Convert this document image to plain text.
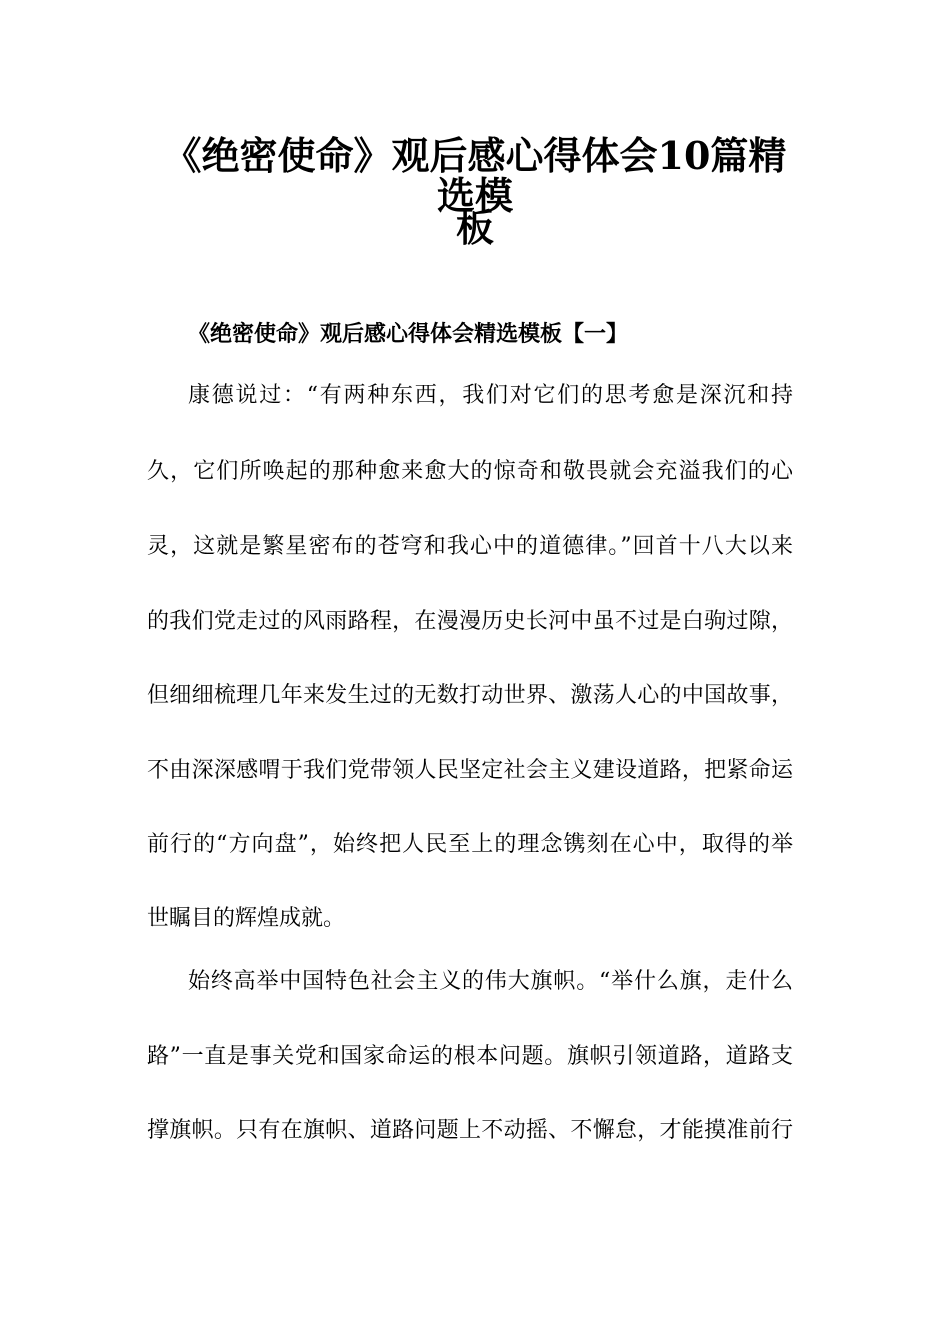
《绝密使命》观后感心得体会10篇精选模
板
《绝密使命》观后感心得体会精选模板【一】
康德说过：“有两种东西，我们对它们的思考愈是深沉和持
久，它们所唤起的那种愈来愈大的惊奇和敬畏就会充溢我们的心
灵，这就是繁星密布的苍穹和我心中的道德律。”回首十八大以来
的我们党走过的风雨路程，在漫漫历史长河中虽不过是白驹过隙，
但细细梳理几年来发生过的无数打动世界、激荡人心的中国故事，
不由深深感喟于我们党带领人民坚定社会主义建设道路，把紧命运
前行的“方向盘”，始终把人民至上的理念镌刻在心中，取得的举
世瞩目的辉煌成就。
始终高举中国特色社会主义的伟大旗帜。“举什么旗，走什么
路”一直是事关党和国家命运的根本问题。旗帜引领道路，道路支
撑旗帜。只有在旗帜、道路问题上不动摇、不懈怠，才能摸准前行
